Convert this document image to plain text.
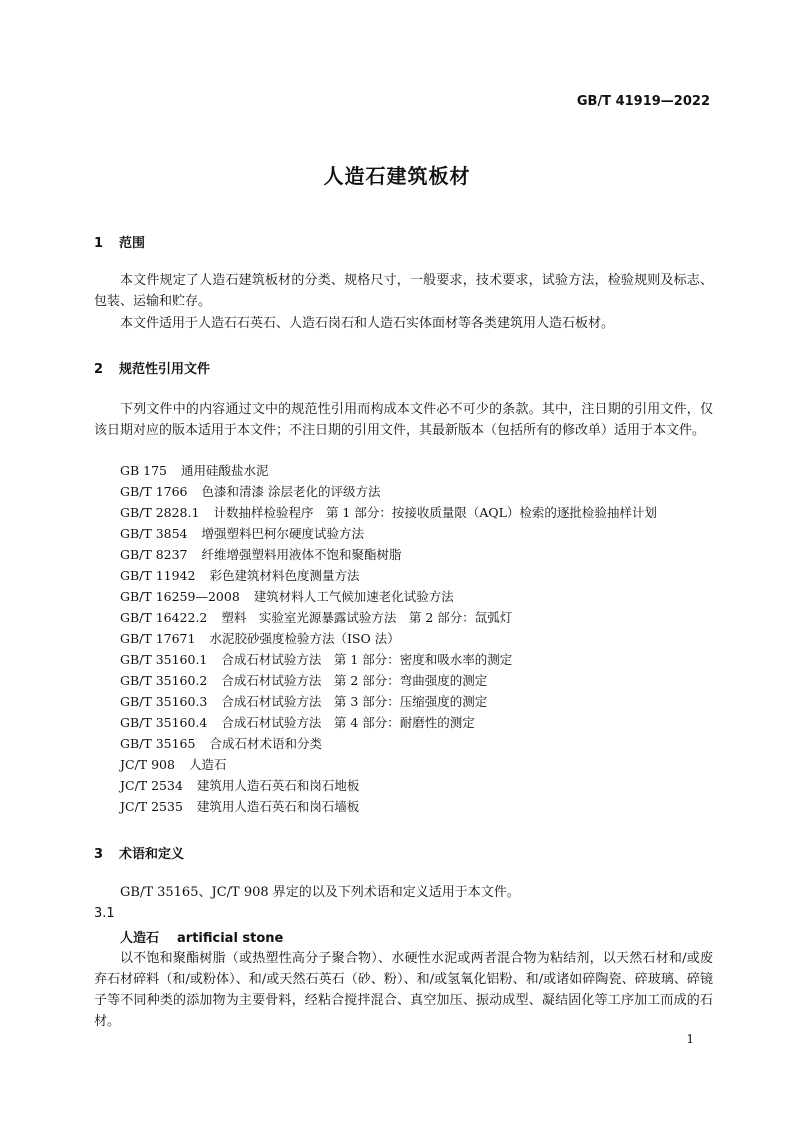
GB/T 41919—2022
人造石建筑板材
1 范围
本文件规定了人造石建筑板材的分类、规格尺寸，一般要求，技术要求，试验方法，检验规则及标志、包装、运输和贮存。
本文件适用于人造石石英石、人造石岗石和人造石实体面材等各类建筑用人造石板材。
2 规范性引用文件
下列文件中的内容通过文中的规范性引用而构成本文件必不可少的条款。其中，注日期的引用文件，仅该日期对应的版本适用于本文件；不注日期的引用文件，其最新版本（包括所有的修改单）适用于本文件。
GB 175 通用硅酸盐水泥
GB/T 1766 色漆和清漆 涂层老化的评级方法
GB/T 2828.1 计数抽样检验程序　第 1 部分：按接收质量限（AQL）检索的逐批检验抽样计划
GB/T 3854 增强塑料巴柯尔硬度试验方法
GB/T 8237 纤维增强塑料用液体不饱和聚酯树脂
GB/T 11942 彩色建筑材料色度测量方法
GB/T 16259—2008 建筑材料人工气候加速老化试验方法
GB/T 16422.2 塑料　实验室光源暴露试验方法　第 2 部分：氙弧灯
GB/T 17671 水泥胶砂强度检验方法（ISO 法）
GB/T 35160.1 合成石材试验方法　第 1 部分：密度和吸水率的测定
GB/T 35160.2 合成石材试验方法　第 2 部分：弯曲强度的测定
GB/T 35160.3 合成石材试验方法　第 3 部分：压缩强度的测定
GB/T 35160.4 合成石材试验方法　第 4 部分：耐磨性的测定
GB/T 35165 合成石材术语和分类
JC/T 908 人造石
JC/T 2534 建筑用人造石英石和岗石地板
JC/T 2535 建筑用人造石英石和岗石墙板
3 术语和定义
GB/T 35165、JC/T 908 界定的以及下列术语和定义适用于本文件。
3.1
人造石 artificial stone
以不饱和聚酯树脂（或热塑性高分子聚合物）、水硬性水泥或两者混合物为粘结剂，以天然石材和/或废弃石材碎料（和/或粉体）、和/或天然石英石（砂、粉）、和/或氢氧化铝粉、和/或诸如碎陶瓷、碎玻璃、碎镜子等不同种类的添加物为主要骨料，经粘合搅拌混合、真空加压、振动成型、凝结固化等工序加工而成的石材。
1
